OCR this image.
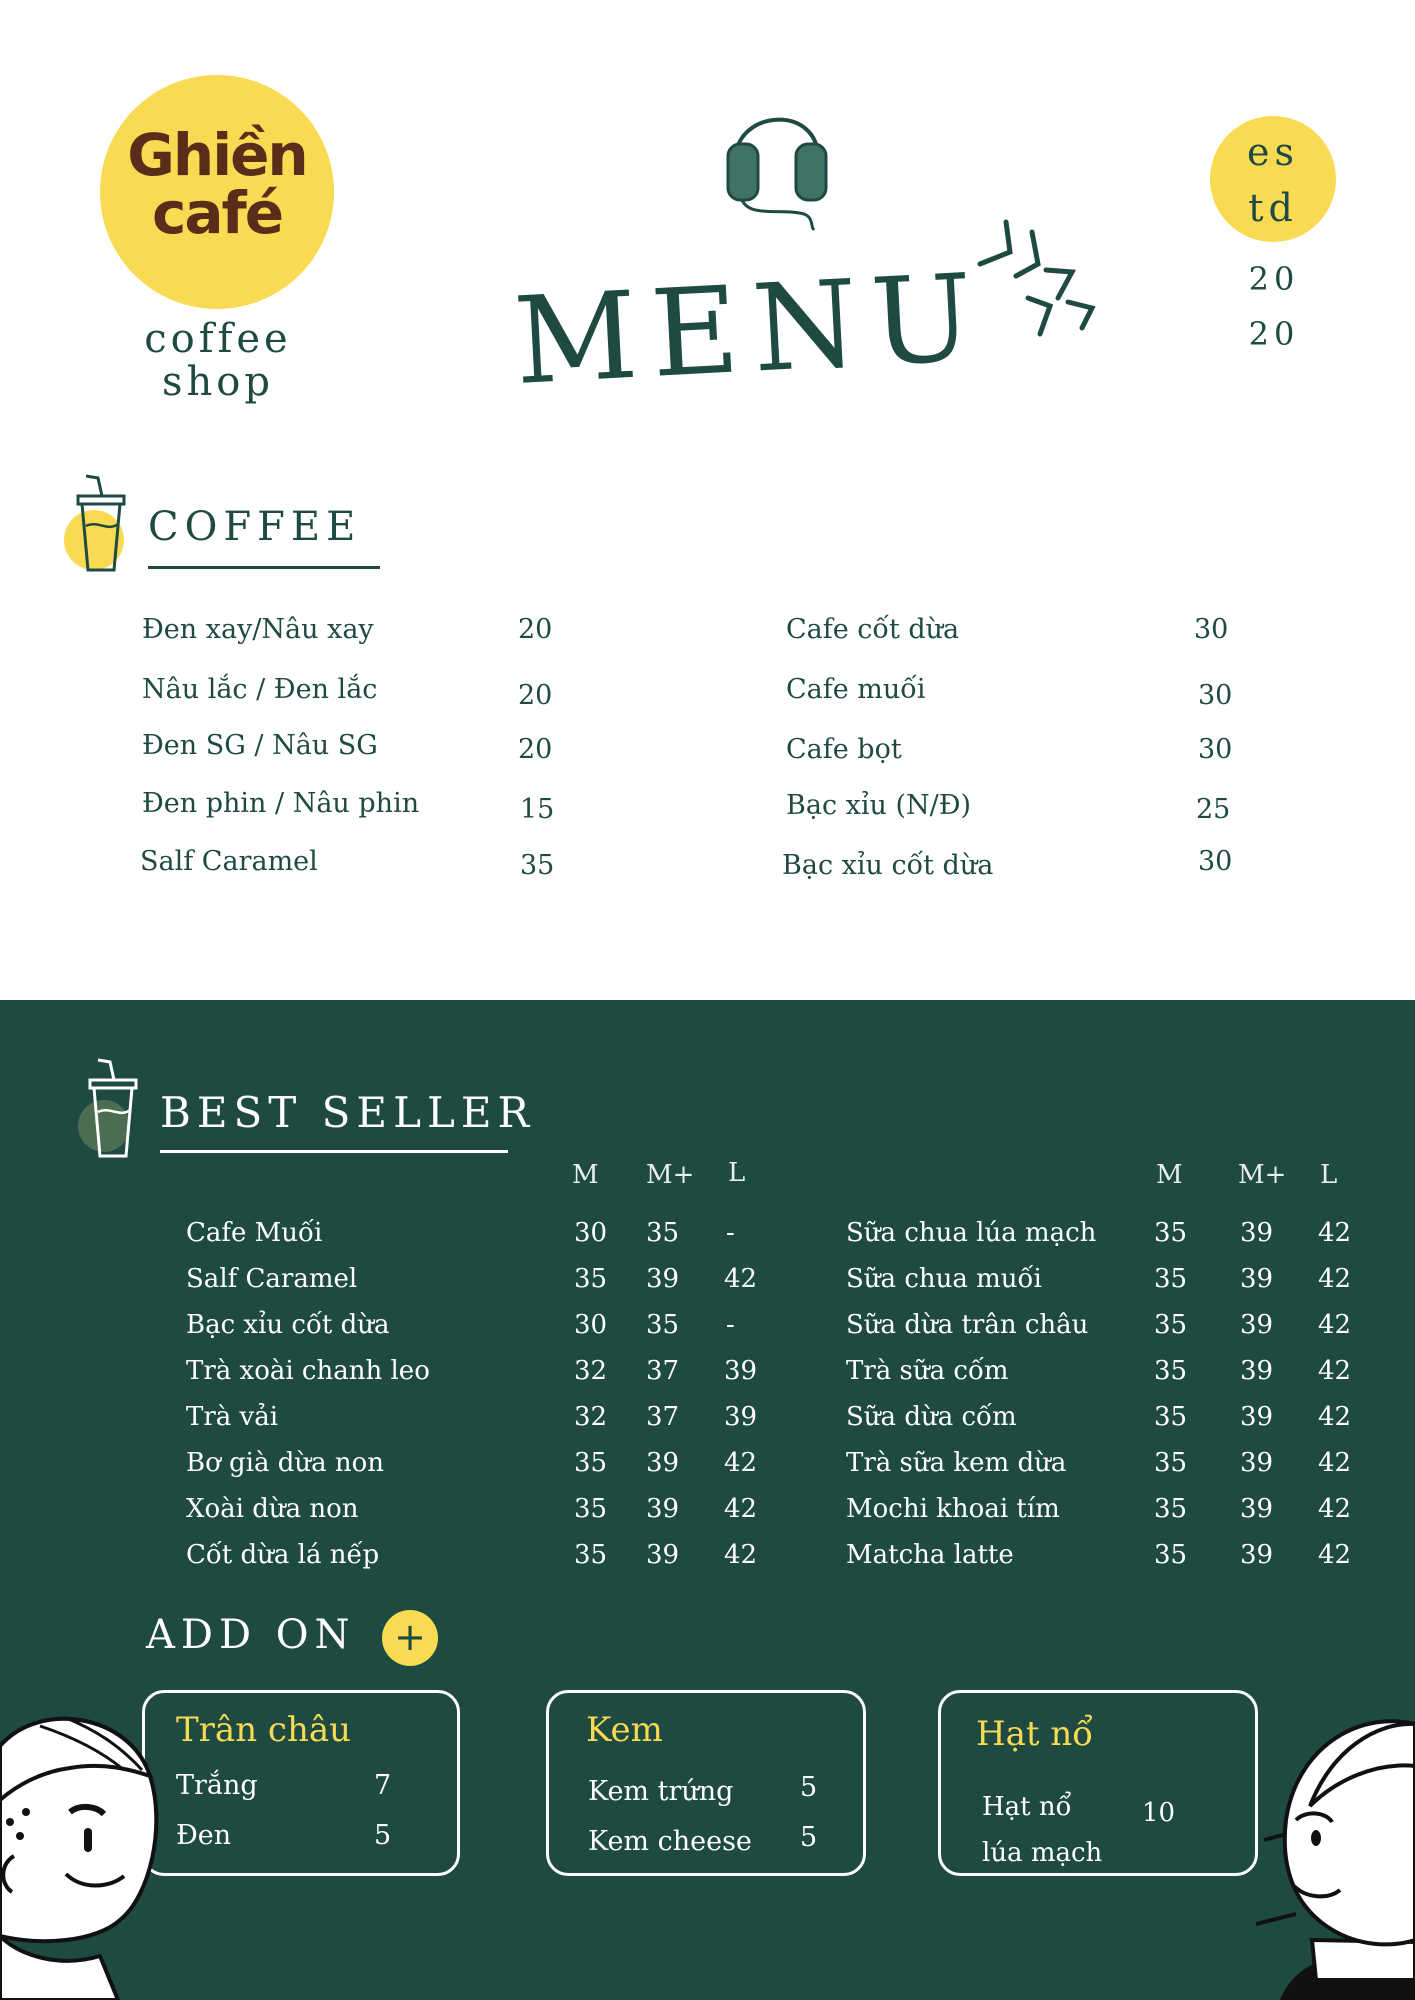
Ghiền
café
coffee
shop	MENU
es
td
20
20
COFFEE
Đen xay/Nâu xay	20
Nâu lắc / Đen lắc	20
Đen SG / Nâu SG	20
Đen phin / Nâu phin	15
Salf Caramel	35
Cafe cốt dừa	30
Cafe muối	30
Cafe bọt	30
Bạc xỉu (N/Đ)	25
Bạc xỉu cốt dừa	30
BEST SELLER
M M+ L	M M+ L
Cafe Muối	30 35 -
Salf Caramel	35 39 42
Bạc xỉu cốt dừa	30 35 -
Trà xoài chanh leo	32 37 39
Trà vải	32 37 39
Bơ già dừa non	35 39 42
Xoài dừa non	35 39 42
Cốt dừa lá nếp	35 39 42
Sữa chua lúa mạch 35 39 42
Sữa chua muối	35 39 42
Sữa dừa trân châu	35 39 42
Trà sữa cốm	35 39 42
Sữa dừa cốm	35 39 42
Trà sữa kem dừa	35 39 42
Mochi khoai tím	35 39 42
Matcha latte	35 39 42
ADD ON	+
Trân châu
Trắng	7
Đen	5
Kem
Kem trứng 5
Kem cheese 5
Hạt nổ
Hạt nổ
lúa mạch
10
